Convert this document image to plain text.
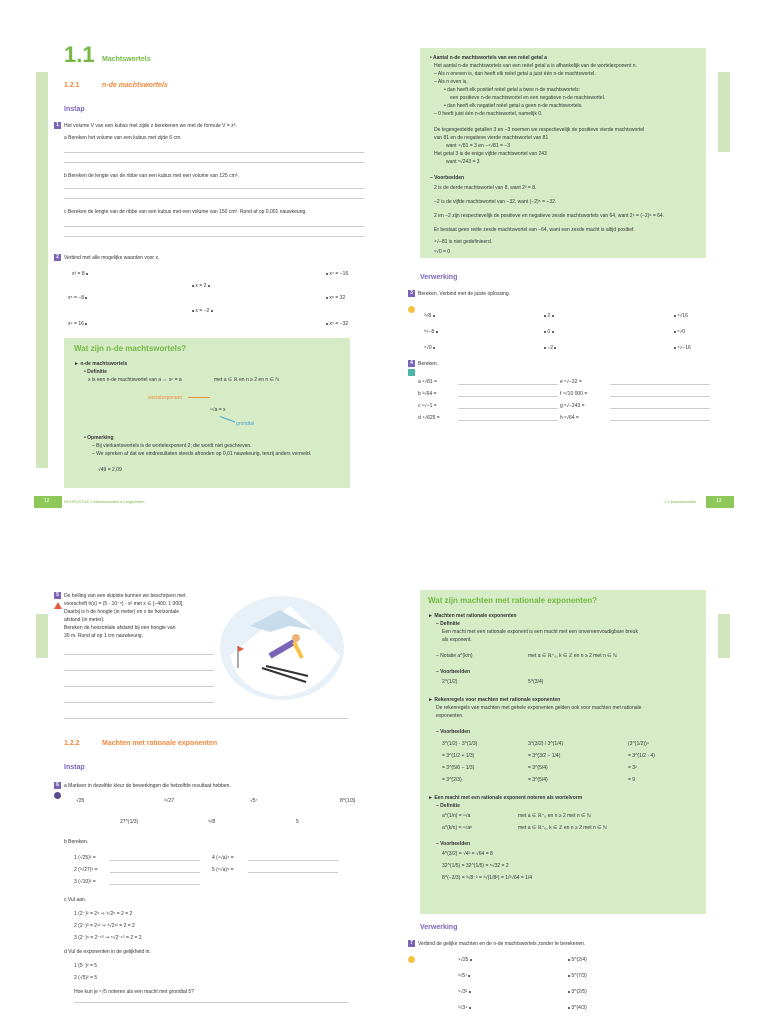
1.1 Machtswortels
1.2.1	n-de machtswortels
Instap
1 Het volume V van een kubus met zijde z berekenen we met de formule V = z³.
a Bereken het volume van een kubus met zijde 6 cm.
b Bereken de lengte van de ribbe van een kubus met een volume van 125 cm³.
c Bereken de lengte van de ribbe van een kubus met een volume van 150 cm³. Rond af op 0,001 nauwkeurig.
2 Verbind met alle mogelijke waarden voor x.
x³ = 8
x⁵ = −8
x⁴ = 16
x = 2
x = −2
x⁴ = −16
x⁵ = 32
x⁵ = −32
Wat zijn n-de machtswortels?
► n-de machtswortels
• Definitie
x is een n-de machtswortel van a ⇔ xⁿ = a	met a ∈ ℝ en n ≥ 2 en n ∈ ℕ
wortelexponent
ⁿ√a = x
grondtal
• Opmerking
– Bij vierkantswortels is de wortelexponent 2; die wordt niet geschreven.
– We spreken af dat we eindresultaten steeds afronden op 0,01 nauwkeurig, tenzij anders vermeld.
√49 = 2,09
12	HOOFDSTUK 1 Machtswortels en logaritmen
• Aantal n-de machtswortels van een reëel getal a
Het aantal n-de machtswortels van een reëel getal a is afhankelijk van de wortelexponent n.
– Als n oneven is, dan heeft elk reëel getal a juist één n-de machtswortel.
– Als n even is,
• dan heeft elk positief reëel getal a twee n-de machtswortels:
een positieve n-de machtswortel en een negatieve n-de machtswortel.
• dan heeft elk negatief reëel getal a geen n-de machtswortels.
– 0 heeft juist één n-de machtswortel, namelijk 0.
De tegengestelde getallen 3 en −3 noemen we respectievelijk de positieve vierde machtswortel
van 81 en de negatieve vierde machtswortel van 81
want ⁴√81 = 3 en −⁴√81 = −3
Het getal 3 is de enige vijfde machtswortel van 243
want ⁵√243 = 3
– Voorbeelden
2 is de derde machtswortel van 8, want 2³ = 8.
−2 is de vijfde machtswortel van −32, want (−2)⁵ = −32.
2 en −2 zijn respectievelijk de positieve en negatieve zesde machtswortels van 64, want 2⁶ = (−2)⁶ = 64.
Er bestaat geen reële zesde machtswortel van −64, want een zesde macht is altijd positief.
⁴√−81 is niet gedefinieerd.
⁵√0 = 0
Verwerking
3 Bereken. Verbind met de juiste oplossing.
³√8
³√−8
⁵√0
2
0
−2
⁴√16
⁵√0
⁴√−16
4 Bereken.
a ⁴√81 =
b ³√64 =
c ⁵√−1 =
d ⁴√625 =
e ⁵√−32 =
f ⁴√10 000 =
g ⁵√−243 =
h ⁶√64 =
1.1 Machtswortels	13
5 De helling van een skipiste kunnen we beschrijven met
voorschrift h(x) = (5 · 10⁻⁵) · x² met x ∈ [−400, 1 000].
Daarbij is h de hoogte (in meter) en x de horizontale
afstand (in meter).
Bereken de horizontale afstand bij een hoogte van
30 m. Rond af op 1 cm nauwkeurig.
1.2.2	Machten met rationale exponenten
Instap
6 a Markeer in dezelfde kleur de bewerkingen die hetzelfde resultaat hebben.
√25	³√27	√5⁷	8^(1/3)
27^(1/3)	³√8	5
b Bereken.
1 (√25)² =
2 (³√27)³ =
3 (√10)² =
4 (⁴√a)⁴ =
5 (⁵√a)⁵ =
c Vul aan.
1 (2⁻)² = 2⁶ ⇒ ³√2⁶ = 2 = 2
2 (2⁻)³ = 2¹² ⇒ ³√2¹² = 2 = 2
3 (2⁻)⁵ = 2⁻¹⁰ ⇒ ⁵√2⁻¹⁰ = 2 = 2
d Vul de exponenten in de gelijkheid in.
1 (5⁻)² = 5
2 (√5)² = 5
Hoe kun je ⁵√5 noteren als een macht met grondtal 5?
Wat zijn machten met rationale exponenten?
► Machten met rationale exponenten
– Definitie
Een macht met een rationale exponent is een macht met een onvereenvoudigbare breuk
als exponent.
– Notatie a^(k/n)	met a ∈ ℝ⁺₀, k ∈ ℤ en n ≥ 2 met n ∈ ℕ
– Voorbeelden
2^(1/2)	5^(3/4)
► Rekenregels voor machten met rationale exponenten
De rekenregels van machten met gehele exponenten gelden ook voor machten met rationale
exponenten.
– Voorbeelden
3^(1/2) · 3^(1/3)
= 3^(1/2 + 1/3)
= 3^(5/6 − 1/3)
= 3^(2/3)
3^(3/2) / 3^(1/4)
= 3^(3/2 − 1/4)
= 3^(5/4)
= 3^(5/4)
(3^(1/2))⁴
= 3^(1/2 · 4)
= 3²
= 9
► Een macht met een rationale exponent noteren als wortelvorm
– Definitie
a^(1/n) = ⁿ√a	met a ∈ ℝ⁺₀ en n ≥ 2 met n ∈ ℕ
a^(k/n) = ⁿ√aᵏ	met a ∈ ℝ⁺₀, k ∈ ℤ en n ≥ 2 met n ∈ ℕ
– Voorbeelden
4^(3/2) = √4³ = √64 = 8
32^(1/5) = 32^(1/5) = ⁵√32 = 2
8^(−2/3) = ³√8⁻² = ³√(1/8²) = 1/³√64 = 1/4
Verwerking
7 Verbind de gelijke machten en de n-de machtswortels zonder te berekenen.
⁴√25
³√5⁷
⁵√3²
³√3⁴
5^(2/4)
5^(7/3)
3^(2/5)
3^(4/3)
